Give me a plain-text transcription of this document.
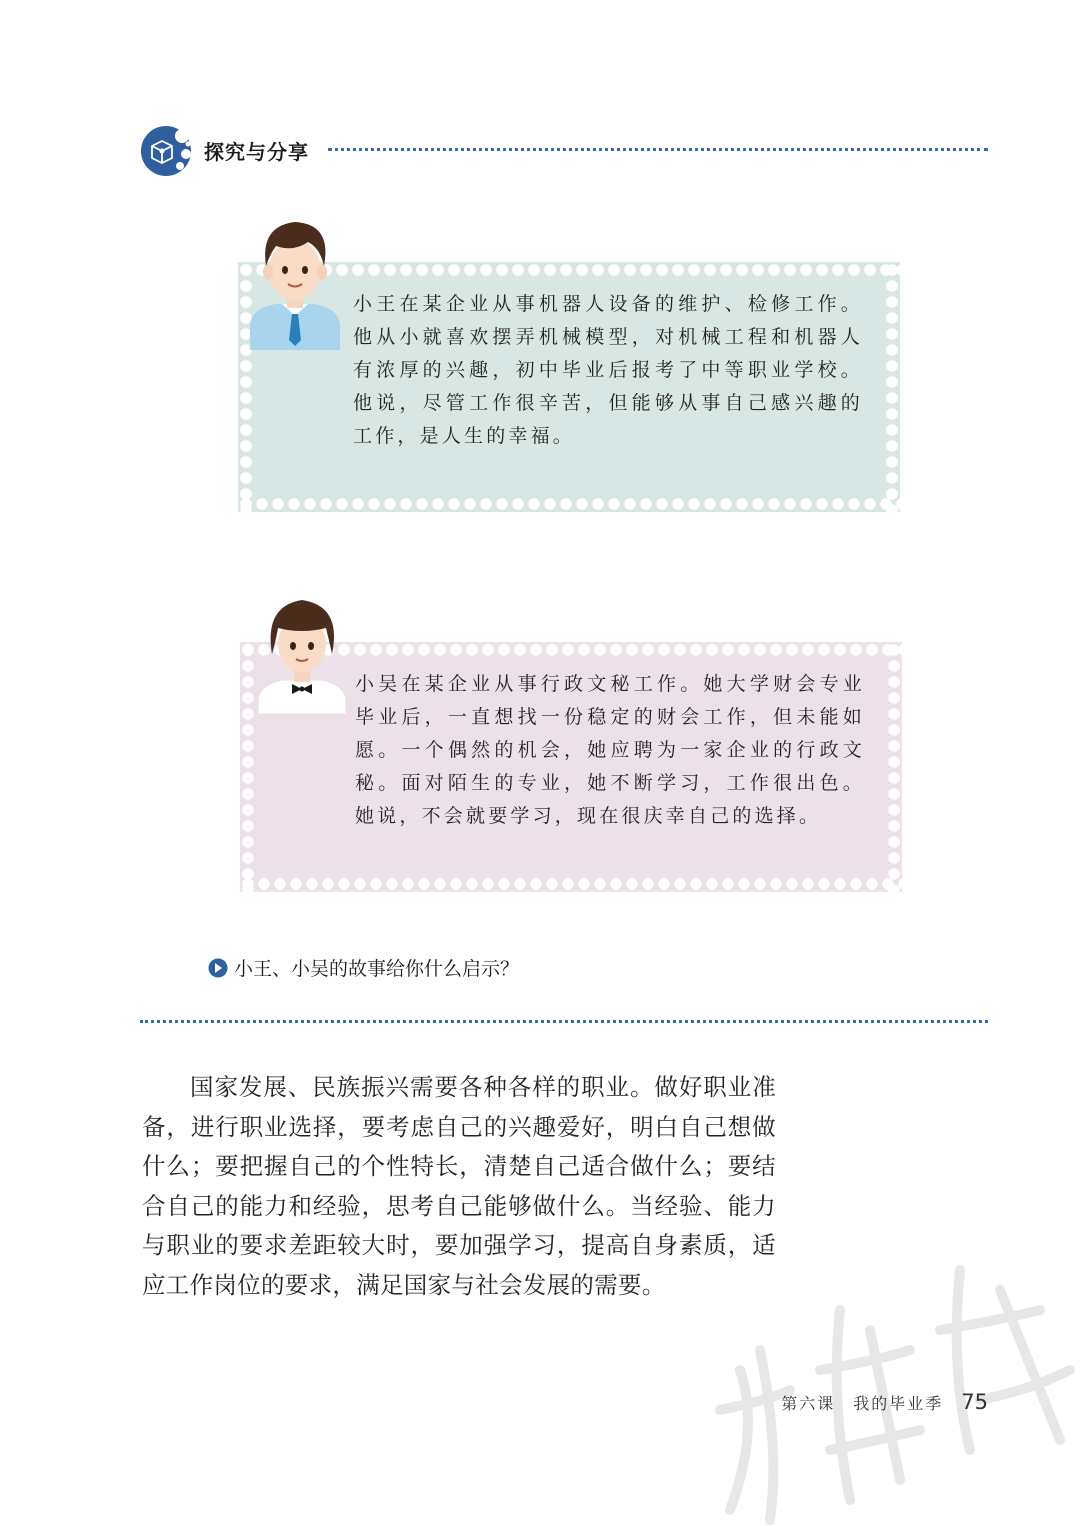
探究与分享

小王在某企业从事机器人设备的维护、检修工作。他从小就喜欢摆弄机械模型，对机械工程和机器人有浓厚的兴趣，初中毕业后报考了中等职业学校。他说，尽管工作很辛苦，但能够从事自己感兴趣的工作，是人生的幸福。

小吴在某企业从事行政文秘工作。她大学财会专业毕业后，一直想找一份稳定的财会工作，但未能如愿。一个偶然的机会，她应聘为一家企业的行政文秘。面对陌生的专业，她不断学习，工作很出色。她说，不会就要学习，现在很庆幸自己的选择。

小王、小吴的故事给你什么启示？

国家发展、民族振兴需要各种各样的职业。做好职业准备，进行职业选择，要考虑自己的兴趣爱好，明白自己想做什么；要把握自己的个性特长，清楚自己适合做什么；要结合自己的能力和经验，思考自己能够做什么。当经验、能力与职业的要求差距较大时，要加强学习，提高自身素质，适应工作岗位的要求，满足国家与社会发展的需要。

第六课　我的毕业季 75
